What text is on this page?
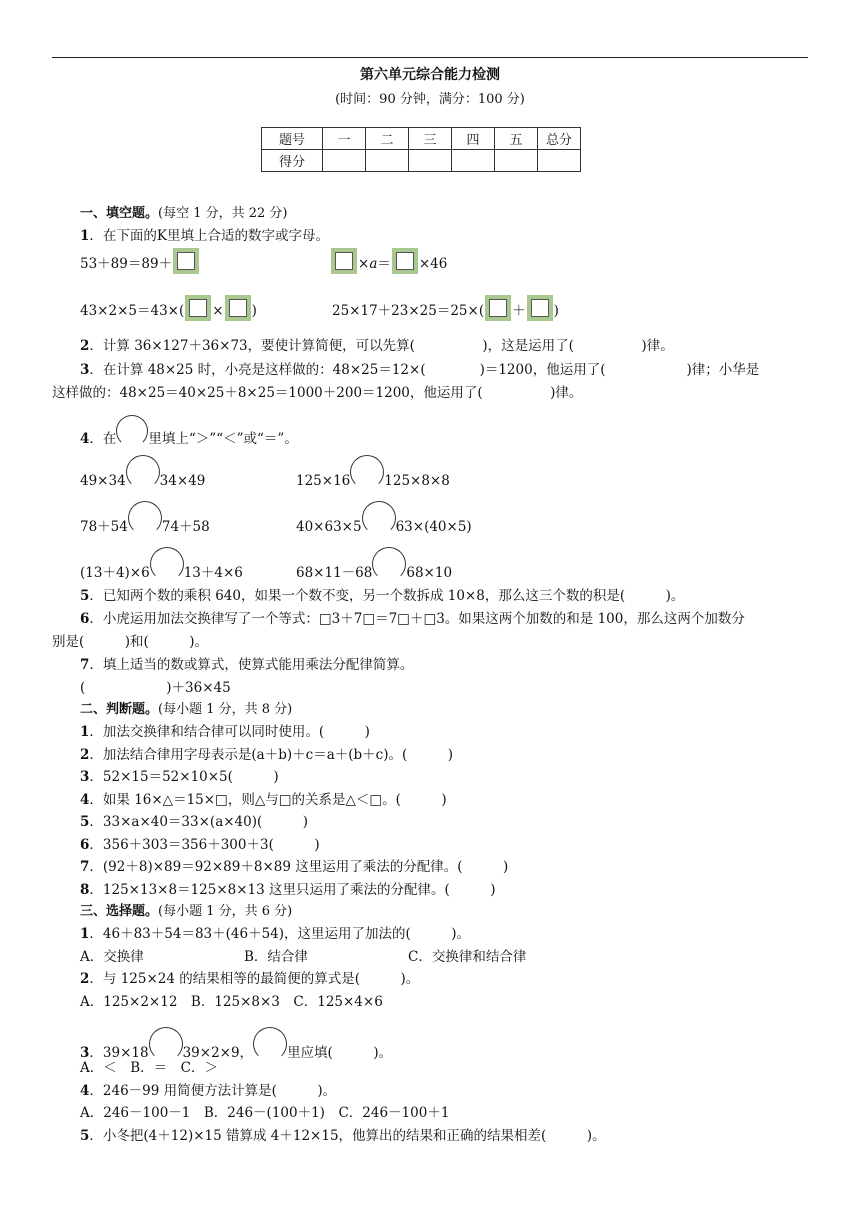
第六单元综合能力检测
(时间：90 分钟，满分：100 分)
题号	一	二	三	四	五	总分
得分						
一、填空题。(每空 1 分，共 22 分)
1．在下面的K里填上合适的数字或字母。
53＋89＝89＋	×a＝ ×46
43×2×5＝43×( × )	25×17＋23×25＝25×( ＋ )
2．计算 36×127＋36×73，要使计算简便，可以先算(　　　　　)，这是运用了(　　　　　)律。
3．在计算 48×25 时，小亮是这样做的：48×25＝12×(　　　　)＝1200，他运用了(　　　　　　)律；小华是
这样做的：48×25＝40×25＋8×25＝1000＋200＝1200，他运用了(　　　　　)律。
4．在 里填上“＞”“＜”或“＝”。
49×34	34×49	125×16	125×8×8
78＋54	74＋58	40×63×5	63×(40×5)
(13＋4)×6	13＋4×6	68×11－68	68×10
5．已知两个数的乘积 640，如果一个数不变，另一个数拆成 10×8，那么这三个数的积是(　　　)。
6．小虎运用加法交换律写了一个等式：□3＋7□＝7□＋□3。如果这两个加数的和是 100，那么这两个加数分
别是(　　　)和(　　　)。
7．填上适当的数或算式，使算式能用乘法分配律简算。
(　　　　　　)＋36×45
二、判断题。(每小题 1 分，共 8 分)
1．加法交换律和结合律可以同时使用。(　　　)
2．加法结合律用字母表示是(a＋b)＋c＝a＋(b＋c)。(　　　)
3．52×15＝52×10×5(　　　)
4．如果 16×△＝15×□，则△与□的关系是△＜□。(　　　)
5．33×a×40＝33×(a×40)(　　　)
6．356＋303＝356＋300＋3(　　　)
7．(92＋8)×89＝92×89＋8×89 这里运用了乘法的分配律。(　　　)
8．125×13×8＝125×8×13 这里只运用了乘法的分配律。(　　　)
三、选择题。(每小题 1 分，共 6 分)
1．46＋83＋54＝83＋(46＋54)，这里运用了加法的(　　　)。
A．交换律	B．结合律	C．交换律和结合律
2．与 125×24 的结果相等的最简便的算式是(　　　)。
A．125×2×12　B．125×8×3　C．125×4×6
3．39×18	39×2×9，	里应填(　　　)。
A．＜　B．＝　C．＞
4．246－99 用简便方法计算是(　　　)。
A．246－100－1　B．246－(100＋1)　C．246－100＋1
5．小冬把(4＋12)×15 错算成 4＋12×15，他算出的结果和正确的结果相差(　　　)。
